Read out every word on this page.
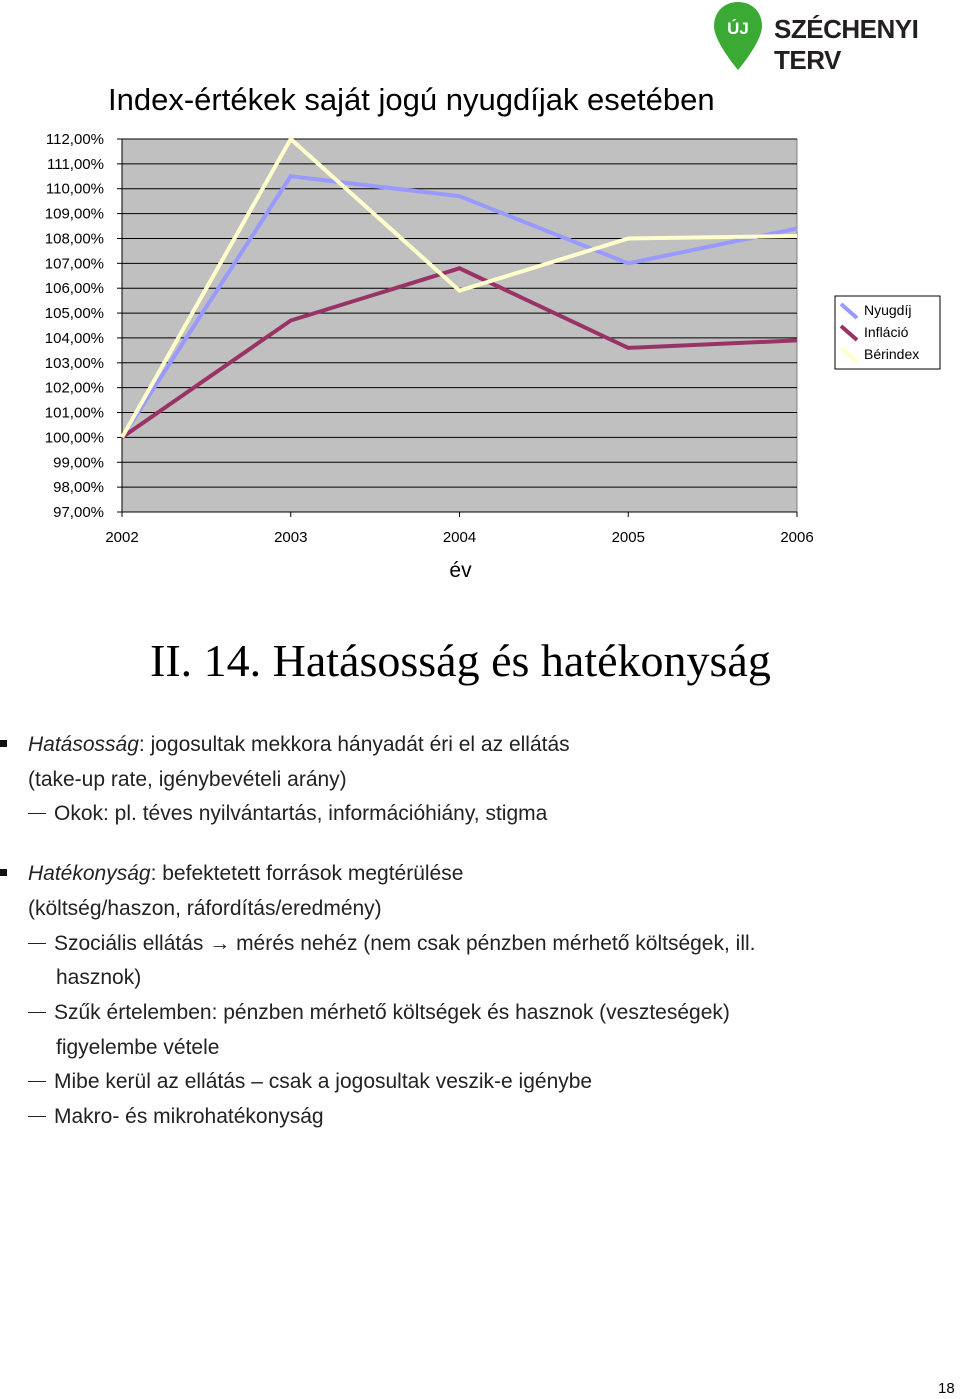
ÚJ SZÉCHENYI TERV
Index-értékek saját jogú nyugdíjak esetében
112,00%
111,00%
110,00%
109,00%
108,00%
107,00%
106,00%
105,00%
104,00%
103,00%
102,00%
101,00%
100,00%
99,00%
98,00%
97,00%
2002	2003	2004	2005	2006
év
Nyugdíj
Infláció
Bérindex
II. 14. Hatásosság és hatékonyság
Hatásosság: jogosultak mekkora hányadát éri el az ellátás
(take-up rate, igénybevételi arány)
Okok: pl. téves nyilvántartás, információhiány, stigma
Hatékonyság: befektetett források megtérülése
(költség/haszon, ráfordítás/eredmény)
Szociális ellátás → mérés nehéz (nem csak pénzben mérhető költségek, ill.
hasznok)
Szűk értelemben: pénzben mérhető költségek és hasznok (veszteségek)
figyelembe vétele
Mibe kerül az ellátás – csak a jogosultak veszik-e igénybe
Makro- és mikrohatékonyság
18
